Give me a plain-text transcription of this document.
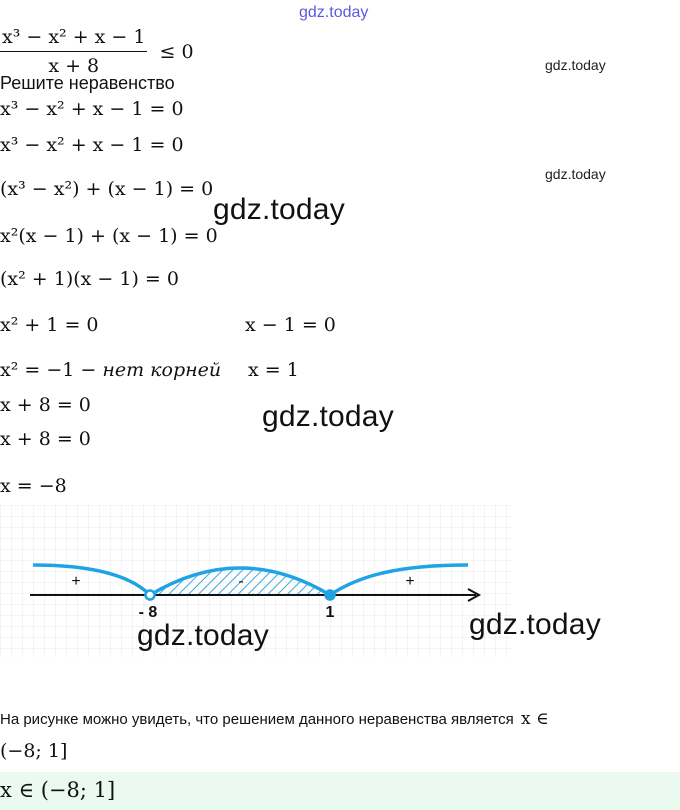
gdz.today
gdz.today
gdz.today
$\frac{\text{x³ − x² + x − 1}}{x + 8} \le 0$
Решите неравенство
x³ − x² + x − 1 = 0
x³ − x² + x − 1 = 0
(x³ − x²) + (x − 1) = 0
gdz.today
x²(x − 1) + (x − 1) = 0
(x² + 1)(x − 1) = 0
x² + 1 = 0	x − 1 = 0
x² = −1 − нет корней x = 1
x + 8 = 0	gdz.today
x + 8 = 0
x = −8
+	-	+
- 8	1
gdz.today	gdz.today
На рисунке можно увидеть, что решением данного неравенства является x ∈
(−8; 1]
x ∈ (−8; 1]
